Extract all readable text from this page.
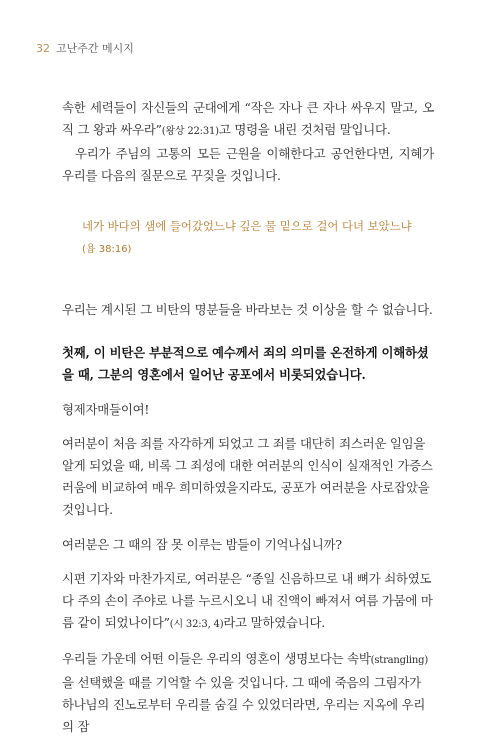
32 고난주간 메시지

속한 세력들이 자신들의 군대에게 “작은 자나 큰 자나 싸우지 말고, 오직 그 왕과 싸우라”(왕상 22:31)고 명령을 내린 것처럼 말입니다.

우리가 주님의 고통의 모든 근원을 이해한다고 공언한다면, 지혜가 우리를 다음의 질문으로 꾸짖을 것입니다.

네가 바다의 샘에 들어갔었느냐 깊은 물 밑으로 걸어 다녀 보았느냐
(욥 38:16)

우리는 계시된 그 비탄의 명분들을 바라보는 것 이상을 할 수 없습니다.

첫째, 이 비탄은 부분적으로 예수께서 죄의 의미를 온전하게 이해하셨을 때, 그분의 영혼에서 일어난 공포에서 비롯되었습니다.

형제자매들이여!

여러분이 처음 죄를 자각하게 되었고 그 죄를 대단히 죄스러운 일임을 알게 되었을 때, 비록 그 죄성에 대한 여러분의 인식이 실재적인 가증스러움에 비교하여 매우 희미하였을지라도, 공포가 여러분을 사로잡았을 것입니다.

여러분은 그 때의 잠 못 이루는 밤들이 기억나십니까?

시편 기자와 마찬가지로, 여러분은 “종일 신음하므로 내 뼈가 쇠하였도다 주의 손이 주야로 나를 누르시오니 내 진액이 빠져서 여름 가뭄에 마름 같이 되었나이다”(시 32:3, 4)라고 말하였습니다.

우리들 가운데 어떤 이들은 우리의 영혼이 생명보다는 속박(strangling)을 선택했을 때를 기억할 수 있을 것입니다. 그 때에 죽음의 그림자가 하나님의 진노로부터 우리를 숨길 수 있었더라면, 우리는 지옥에 우리의 잠
